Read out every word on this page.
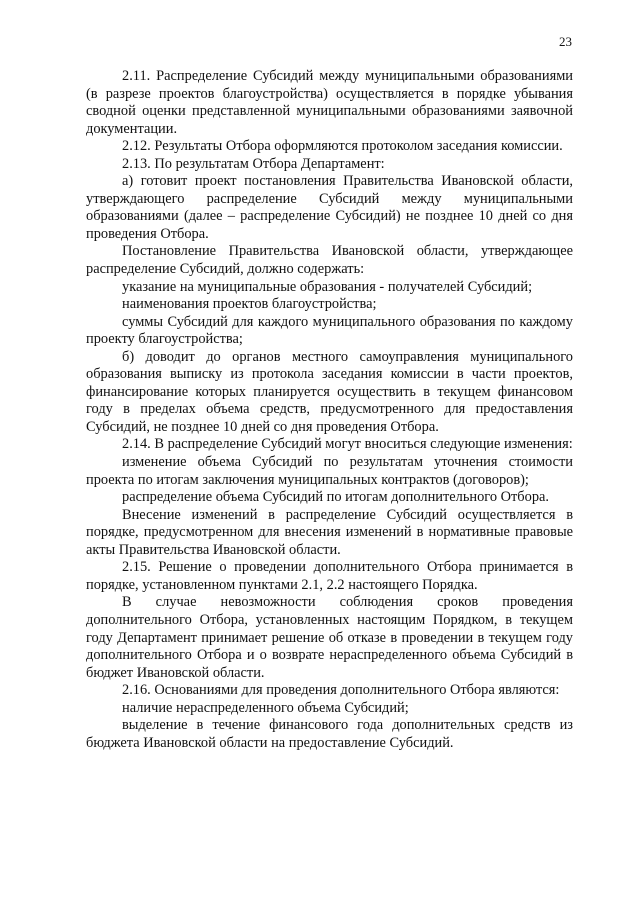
23

2.11. Распределение Субсидий между муниципальными образованиями (в разрезе проектов благоустройства) осуществляется в порядке убывания сводной оценки представленной муниципальными образованиями заявочной документации.

2.12. Результаты Отбора оформляются протоколом заседания комиссии.

2.13. По результатам Отбора Департамент:

а) готовит проект постановления Правительства Ивановской области, утверждающего распределение Субсидий между муниципальными образованиями (далее – распределение Субсидий) не позднее 10 дней со дня проведения Отбора.

Постановление Правительства Ивановской области, утверждающее распределение Субсидий, должно содержать:

указание на муниципальные образования - получателей Субсидий;

наименования проектов благоустройства;

суммы Субсидий для каждого муниципального образования по каждому проекту благоустройства;

б) доводит до органов местного самоуправления муниципального образования выписку из протокола заседания комиссии в части проектов, финансирование которых планируется осуществить в текущем финансовом году в пределах объема средств, предусмотренного для предоставления Субсидий, не позднее 10 дней со дня проведения Отбора.

2.14. В распределение Субсидий могут вноситься следующие изменения:

изменение объема Субсидий по результатам уточнения стоимости проекта по итогам заключения муниципальных контрактов (договоров);

распределение объема Субсидий по итогам дополнительного Отбора.

Внесение изменений в распределение Субсидий осуществляется в порядке, предусмотренном для внесения изменений в нормативные правовые акты Правительства Ивановской области.

2.15. Решение о проведении дополнительного Отбора принимается в порядке, установленном пунктами 2.1, 2.2 настоящего Порядка.

В случае невозможности соблюдения сроков проведения дополнительного Отбора, установленных настоящим Порядком, в текущем году Департамент принимает решение об отказе в проведении в текущем году дополнительного Отбора и о возврате нераспределенного объема Субсидий в бюджет Ивановской области.

2.16. Основаниями для проведения дополнительного Отбора являются:

наличие нераспределенного объема Субсидий;

выделение в течение финансового года дополнительных средств из бюджета Ивановской области на предоставление Субсидий.
